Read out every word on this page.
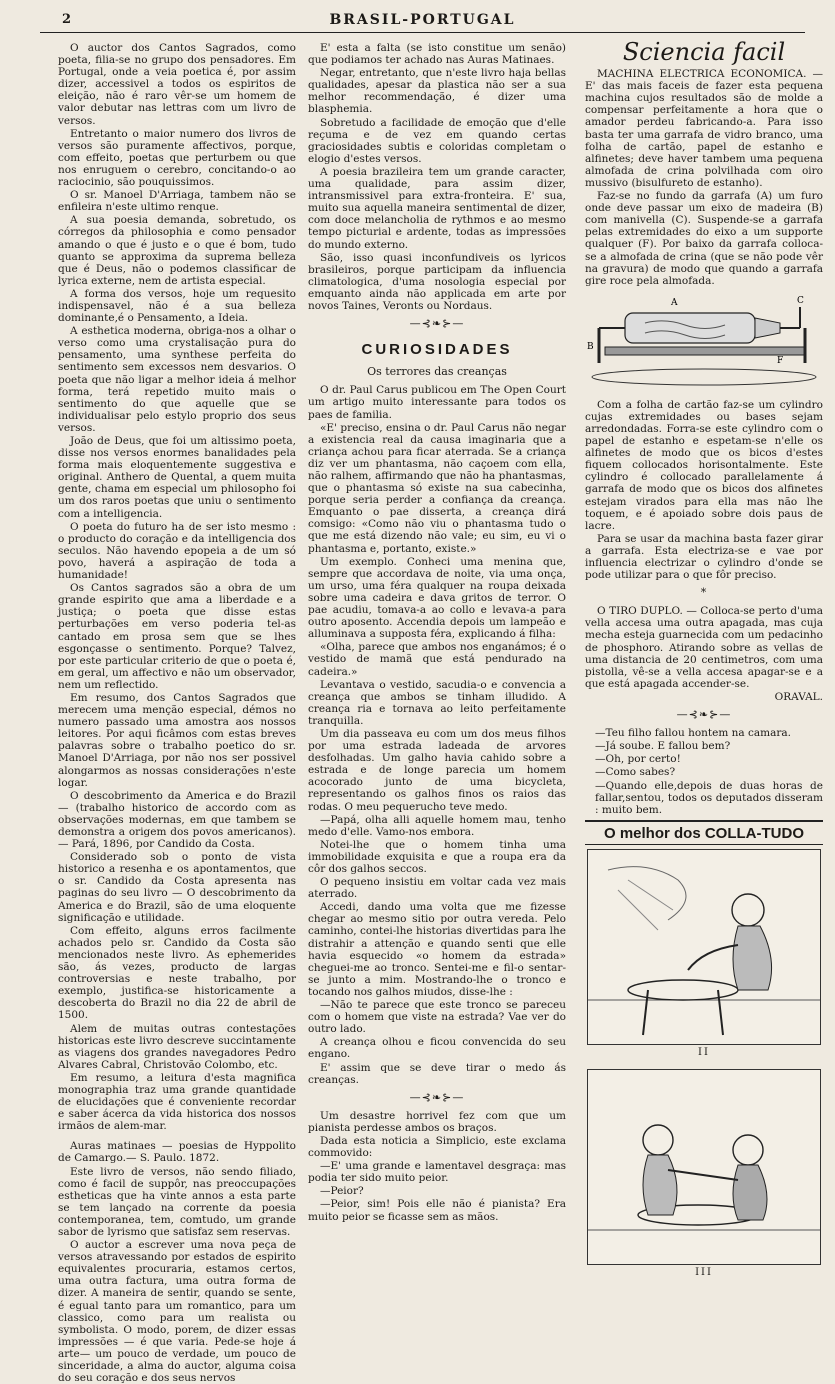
2	BRASIL-PORTUGAL

O auctor dos Cantos Sagrados, como poeta, filia-se no grupo dos pensadores. Em Portugal, onde a veia poetica é, por assim dizer, accessivel a todos os espiritos de eleição, não é raro vêr-se um homem de valor debutar nas lettras com um livro de versos.

Entretanto o maior numero dos livros de versos são puramente affectivos, porque, com effeito, poetas que perturbem ou que nos enruguem o cerebro, concitando-o ao raciocinio, são pouquissimos.

O sr. Manoel D'Arriaga, tambem não se enfileira n'este ultimo renque.

A sua poesia demanda, sobretudo, os córregos da philosophia e como pensador amando o que é justo e o que é bom, tudo quanto se approxima da suprema belleza que é Deus, não o podemos classificar de lyrica externe, nem de artista especial.

A forma dos versos, hoje um requesito indispensavel, não é a sua belleza dominante,é o Pensamento, a Ideia.

A esthetica moderna, obriga-nos a olhar o verso como uma crystalisação pura do pensamento, uma synthese perfeita do sentimento sem excessos nem desvarios. O poeta que não ligar a melhor ideia á melhor forma, terá repetido muito mais o sentimento do que aquelle que se individualisar pelo estylo proprio dos seus versos.

João de Deus, que foi um altissimo poeta, disse nos versos enormes banalidades pela forma mais eloquentemente suggestiva e original. Anthero de Quental, a quem muita gente, chama em especial um philosopho foi um dos raros poetas que uniu o sentimento com a intelligencia.

O poeta do futuro ha de ser isto mesmo : o producto do coração e da intelligencia dos seculos. Não havendo epopeia a de um só povo, haverá a aspiração de toda a humanidade!

Os Cantos sagrados são a obra de um grande espirito que ama a liberdade e a justiça; o poeta que disse estas perturbações em verso poderia tel-as cantado em prosa sem que se lhes esgonçasse o sentimento. Porque? Talvez, por este particular criterio de que o poeta é, em geral, um affectivo e não um observador, nem um reflectido.

Em resumo, dos Cantos Sagrados que merecem uma menção especial, démos no numero passado uma amostra aos nossos leitores. Por aqui ficâmos com estas breves palavras sobre o trabalho poetico do sr. Manoel D'Arriaga, por não nos ser possivel alongarmos as nossas considerações n'este logar.

O descobrimento da America e do Brazil — (trabalho historico de accordo com as observações modernas, em que tambem se demonstra a origem dos povos americanos). — Pará, 1896, por Candido da Costa.

Considerado sob o ponto de vista historico a resenha e os apontamentos, que o sr. Candido da Costa apresenta nas paginas do seu livro — O descobrimento da America e do Brazil, são de uma eloquente significação e utilidade.

Com effeito, alguns erros facilmente achados pelo sr. Candido da Costa são mencionados neste livro. As ephemerides são, ás vezes, producto de largas controversias e neste trabalho, por exemplo, justifica-se historicamente a descoberta do Brazil no dia 22 de abril de 1500.

Alem de muitas outras contestações historicas este livro descreve succintamente as viagens dos grandes navegadores Pedro Alvares Cabral, Christovão Colombo, etc.

Em resumo, a leitura d'esta magnifica monographia traz uma grande quantidade de elucidações que é conveniente recordar e saber ácerca da vida historica dos nossos irmãos de alem-mar.

Auras matinaes — poesias de Hyppolito de Camargo.— S. Paulo. 1872.

Este livro de versos, não sendo filiado, como é facil de suppôr, nas preoccupações estheticas que ha vinte annos a esta parte se tem lançado na corrente da poesia contemporanea, tem, comtudo, um grande sabor de lyrismo que satisfaz sem reservas.

O auctor a escrever uma nova peça de versos atravessando por estados de espirito equivalentes procuraria, estamos certos, uma outra factura, uma outra forma de dizer. A maneira de sentir, quando se sente, é egual tanto para um romantico, para um classico, como para um realista ou symbolista. O modo, porem, de dizer essas impressões — é que varia. Pede-se hoje á arte— um pouco de verdade, um pouco de sinceridade, a alma do auctor, alguma coisa do seu coração e dos seus nervos

E' esta a falta (se isto constitue um senão) que podiamos ter achado nas Auras Matinaes.

Negar, entretanto, que n'este livro haja bellas qualidades, apesar da plastica não ser a sua melhor recommendação, é dizer uma blasphemia.

Sobretudo a facilidade de emoção que d'elle reçuma e de vez em quando certas graciosidades subtis e coloridas completam o elogio d'estes versos.

A poesia brazileira tem um grande caracter, uma qualidade, para assim dizer, intransmissivel para extra-fronteira. E' sua, muito sua aquella maneira sentimental de dizer, com doce melancholia de rythmos e ao mesmo tempo picturial e ardente, todas as impressões do mundo externo.

São, isso quasi inconfundiveis os lyricos brasileiros, porque participam da influencia climatologica, d'uma nosologia especial por emquanto ainda não applicada em arte por novos Taines, Veronts ou Nordaus.

—⊰❧⊱—
CURIOSIDADES
Os terrores das creanças

O dr. Paul Carus publicou em The Open Court um artigo muito interessante para todos os paes de familia.

«E' preciso, ensina o dr. Paul Carus não negar a existencia real da causa imaginaria que a criança achou para ficar aterrada. Se a criança diz ver um phantasma, não caçoem com ella, não ralhem, affirmando que não ha phantasmas, que o phantasma só existe na sua cabecinha, porque seria perder a confiança da creança. Emquanto o pae disserta, a creança dirá comsigo: «Como não viu o phantasma tudo o que me está dizendo não vale; eu sim, eu vi o phantasma e, portanto, existe.»

Um exemplo. Conheci uma menina que, sempre que accordava de noite, via uma onça, um urso, uma féra qualquer na roupa deixada sobre uma cadeira e dava gritos de terror. O pae acudiu, tomava-a ao collo e levava-a para outro aposento. Accendia depois um lampeão e alluminava a supposta féra, explicando á filha:

«Olha, parece que ambos nos enganámos; é o vestido de mamã que está pendurado na cadeira.»

Levantava o vestido, sacudia-o e convencia a creança que ambos se tinham illudido. A creança ria e tornava ao leito perfeitamente tranquilla.

Um dia passeava eu com um dos meus filhos por uma estrada ladeada de arvores desfolhadas. Um galho havia cahido sobre a estrada e de longe parecia um homem acocorado junto de uma bicycleta, representando os galhos finos os raios das rodas. O meu pequerucho teve medo.

—Papá, olha alli aquelle homem mau, tenho medo d'elle. Vamo-nos embora.

Notei-lhe que o homem tinha uma immobilidade exquisita e que a roupa era da côr dos galhos seccos.

O pequeno insistiu em voltar cada vez mais aterrado.

Accedi, dando uma volta que me fizesse chegar ao mesmo sitio por outra vereda. Pelo caminho, contei-lhe historias divertidas para lhe distrahir a attenção e quando senti que elle havia esquecido «o homem da estrada» cheguei-me ao tronco. Sentei-me e fil-o sentar-se junto a mim. Mostrando-lhe o tronco e tocando nos galhos miudos, disse-lhe :

—Não te parece que este tronco se pareceu com o homem que viste na estrada? Vae ver do outro lado.

A creança olhou e ficou convencida do seu engano.

E' assim que se deve tirar o medo ás creanças.

—⊰❧⊱—

Um desastre horrivel fez com que um pianista perdesse ambos os braços.

Dada esta noticia a Simplicio, este exclama commovido:

—E' uma grande e lamentavel desgraça: mas podia ter sido muito peior.

—Peior?

—Peior, sim! Pois elle não é pianista? Era muito peior se ficasse sem as mãos.

Sciencia facil

MACHINA ELECTRICA ECONOMICA. — E' das mais faceis de fazer esta pequena machina cujos resultados são de molde a compensar perfeitamente a hora que o amador perdeu fabricando-a. Para isso basta ter uma garrafa de vidro branco, uma folha de cartão, papel de estanho e alfinetes; deve haver tambem uma pequena almofada de crina polvilhada com oiro mussivo (bisulfureto de estanho).

Faz-se no fundo da garrafa (A) um furo onde deve passar um eixo de madeira (B) com manivella (C). Suspende-se a garrafa pelas extremidades do eixo a um supporte qualquer (F). Por baixo da garrafa colloca-se a almofada de crina (que se não pode vêr na gravura) de modo que quando a garrafa gire roce pela almofada.

A
B
C
F

Com a folha de cartão faz-se um cylindro cujas extremidades ou bases sejam arredondadas. Forra-se este cylindro com o papel de estanho e espetam-se n'elle os alfinetes de modo que os bicos d'estes fiquem collocados horisontalmente. Este cylindro é collocado parallelamente á garrafa de modo que os bicos dos alfinetes estejam virados para ella mas não lhe toquem, e é apoiado sobre dois paus de lacre.

Para se usar da machina basta fazer girar a garrafa. Esta electriza-se e vae por influencia electrizar o cylindro d'onde se pode utilizar para o que fôr preciso.

*

O TIRO DUPLO. — Colloca-se perto d'uma vella accesa uma outra apagada, mas cuja mecha esteja guarnecida com um pedacinho de phosphoro. Atirando sobre as vellas de uma distancia de 20 centimetros, com uma pistolla, vê-se a vella accesa apagar-se e a que está apagada accender-se.

ORAVAL.
—⊰❧⊱—

—Teu filho fallou hontem na camara.

—Já soube. E fallou bem?

—Oh, por certo!

—Como sabes?

—Quando elle,depois de duas horas de fallar,sentou, todos os deputados disseram : muito bem.

O melhor dos COLLA-TUDO
II
III
